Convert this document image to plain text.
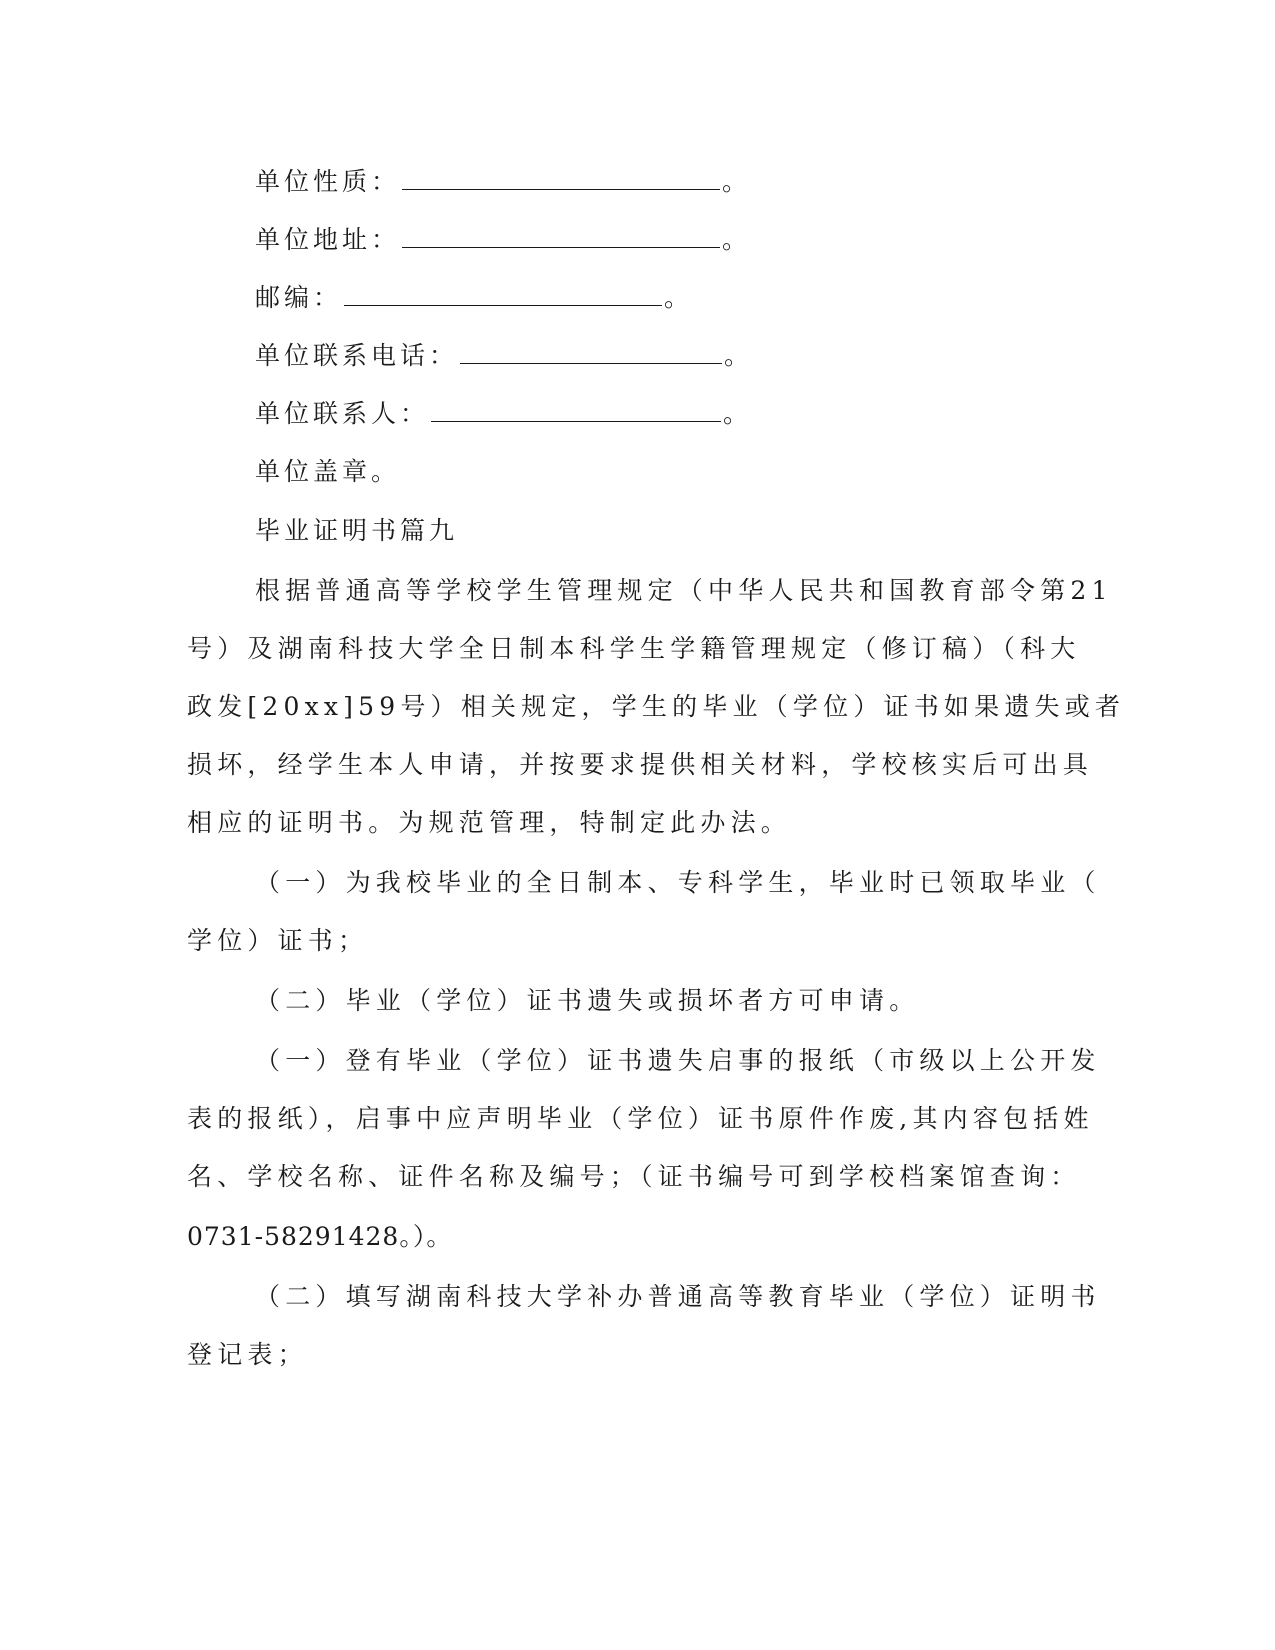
单位性质：	。
单位地址：	。
邮编：	。
单位联系电话：	。
单位联系人：	。
单位盖章。
毕业证明书篇九
根据普通高等学校学生管理规定（中华人民共和国教育部令第21
号）及湖南科技大学全日制本科学生学籍管理规定（修订稿）（科大
政发[20xx]59号）相关规定，学生的毕业（学位）证书如果遗失或者
损坏，经学生本人申请，并按要求提供相关材料，学校核实后可出具
相应的证明书。为规范管理，特制定此办法。
（一）为我校毕业的全日制本、专科学生，毕业时已领取毕业（
学位）证书；
（二）毕业（学位）证书遗失或损坏者方可申请。
（一）登有毕业（学位）证书遗失启事的报纸（市级以上公开发
表的报纸），启事中应声明毕业（学位）证书原件作废,其内容包括姓
名、学校名称、证件名称及编号；（证书编号可到学校档案馆查询：
0731-58291428。）。
（二）填写湖南科技大学补办普通高等教育毕业（学位）证明书
登记表；
